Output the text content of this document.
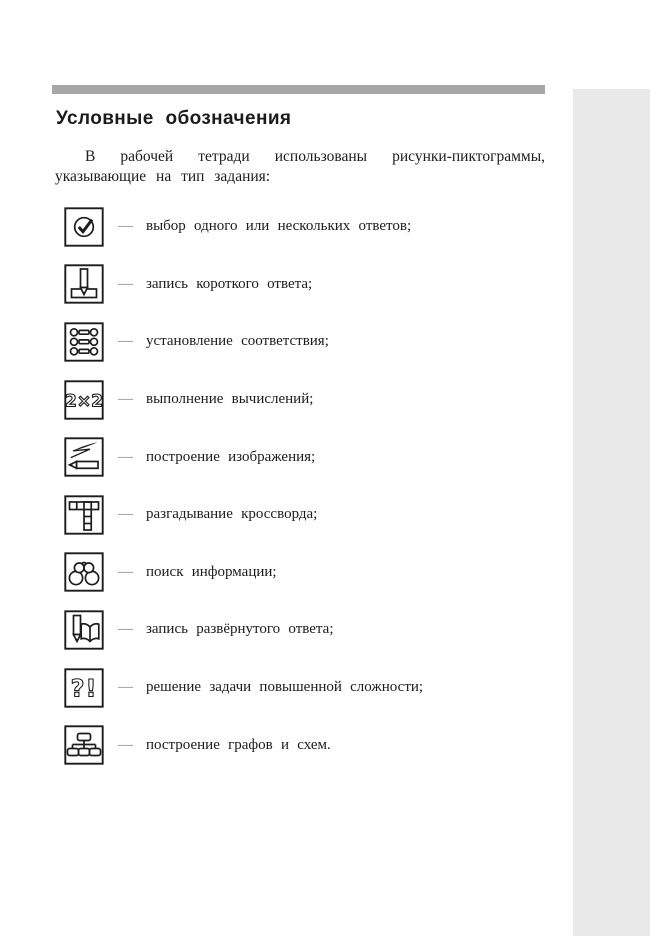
Условные обозначения
В рабочей тетради использованы рисунки-пиктограммы,
указывающие на тип задания:
— выбор одного или нескольких ответов;
— запись короткого ответа;
— установление соответствия;
2×2 — выполнение вычислений;
— построение изображения;
— разгадывание кроссворда;
— поиск информации;
— запись развёрнутого ответа;
?! — решение задачи повышенной сложности;
— построение графов и схем.
